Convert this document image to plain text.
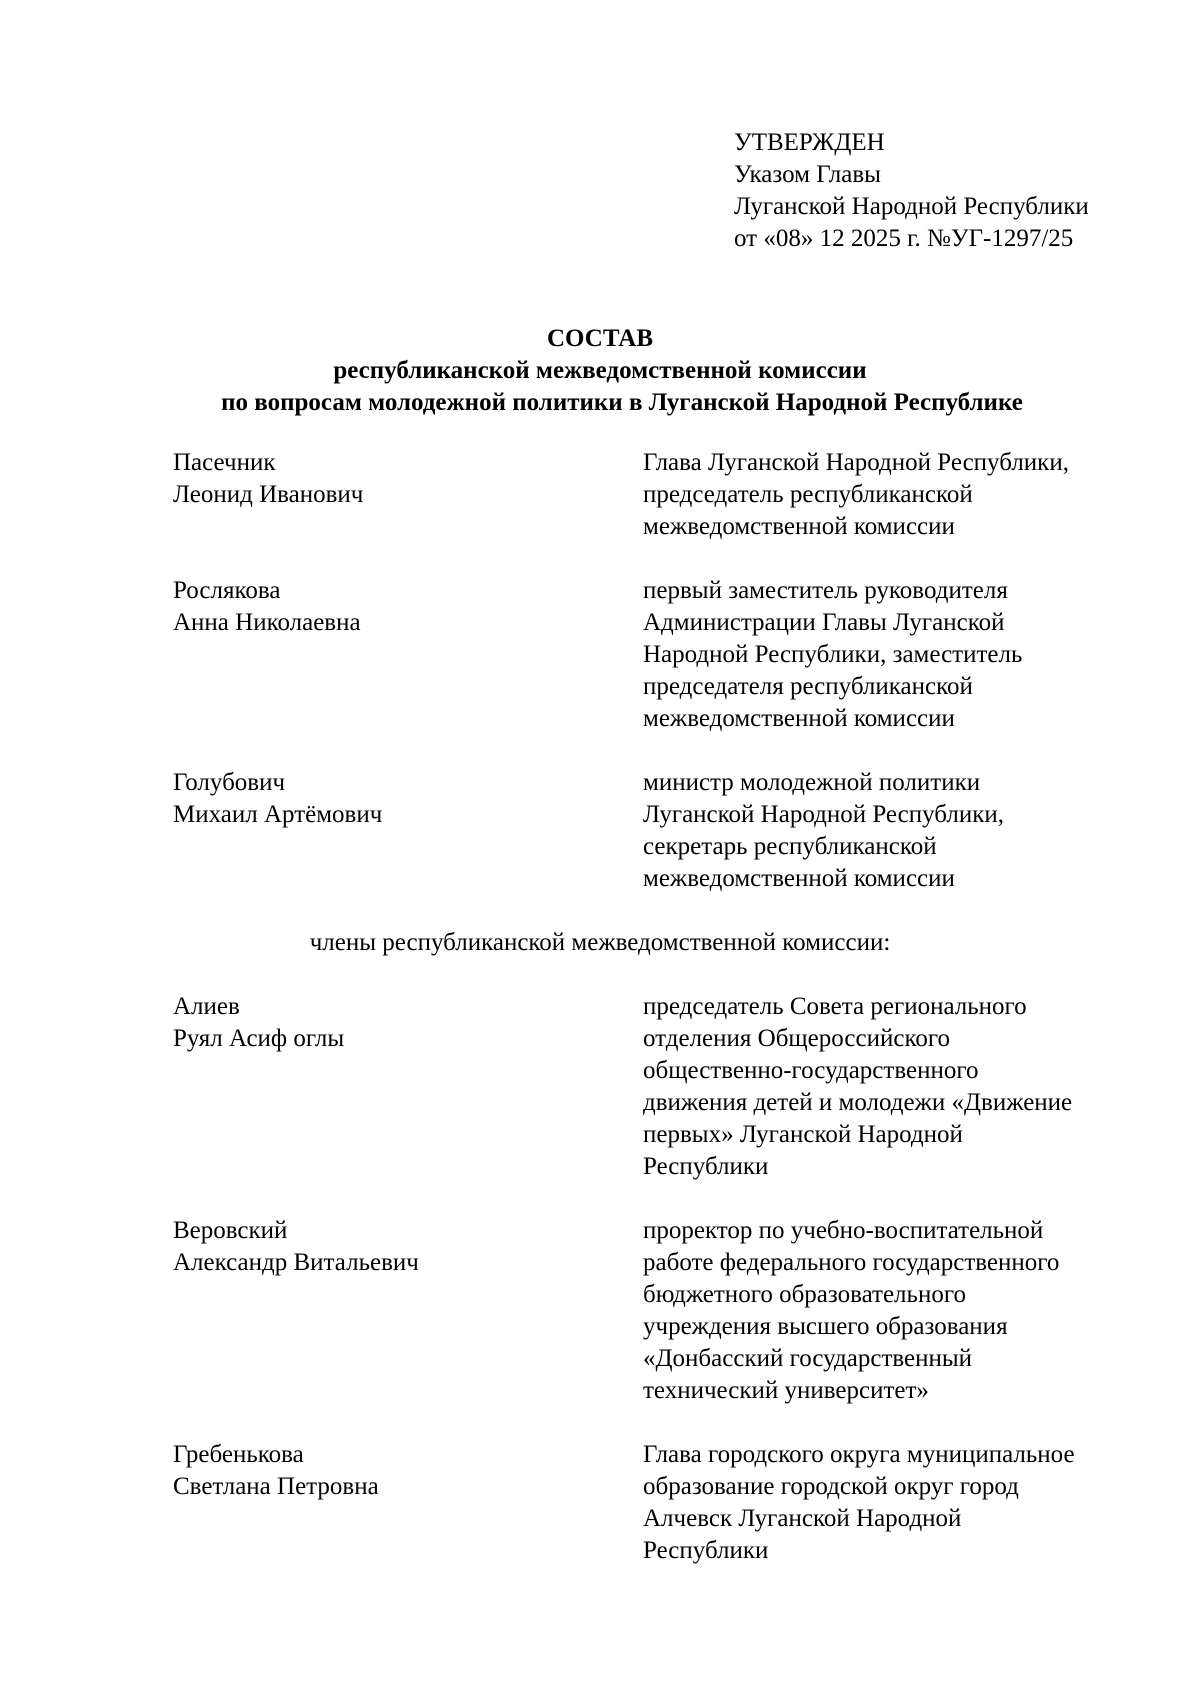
УТВЕРЖДЕН
Указом Главы
Луганской Народной Республики
от «08» 12 2025 г. №УГ-1297/25
СОСТАВ
республиканской межведомственной комиссии
по вопросам молодежной политики в Луганской Народной Республике
Пасечник
Леонид Иванович
Глава Луганской Народной Республики,
председатель республиканской
межведомственной комиссии
Рослякова
Анна Николаевна
первый заместитель руководителя
Администрации Главы Луганской
Народной Республики, заместитель
председателя республиканской
межведомственной комиссии
Голубович
Михаил Артёмович
министр молодежной политики
Луганской Народной Республики,
секретарь республиканской
межведомственной комиссии
члены республиканской межведомственной комиссии:
Алиев
Руял Асиф оглы
председатель Совета регионального
отделения Общероссийского
общественно-государственного
движения детей и молодежи «Движение
первых» Луганской Народной
Республики
Веровский
Александр Витальевич
проректор по учебно-воспитательной
работе федерального государственного
бюджетного образовательного
учреждения высшего образования
«Донбасский государственный
технический университет»
Гребенькова
Светлана Петровна
Глава городского округа муниципальное
образование городской округ город
Алчевск Луганской Народной
Республики
